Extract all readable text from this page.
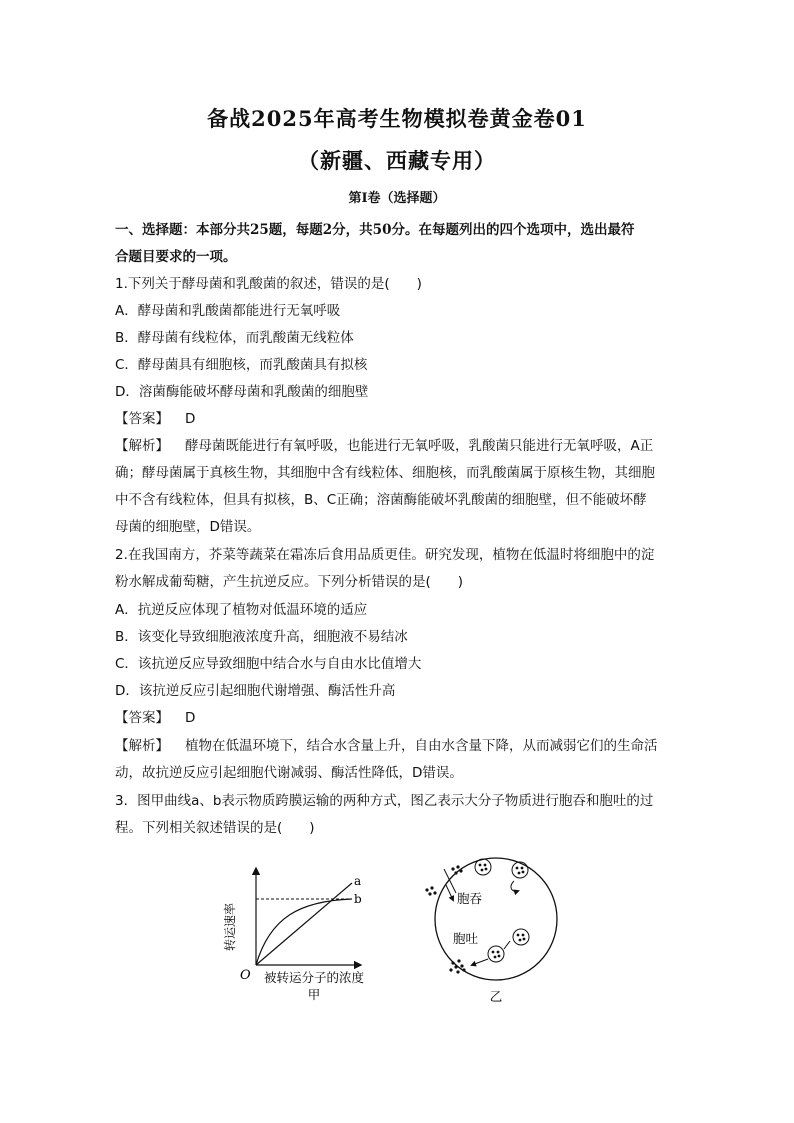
备战2025年高考生物模拟卷黄金卷01
（新疆、西藏专用）
第I卷（选择题）
一、选择题：本部分共25题，每题2分，共50分。在每题列出的四个选项中，选出最符
合题目要求的一项。
1.下列关于酵母菌和乳酸菌的叙述，错误的是(　　)
A．酵母菌和乳酸菌都能进行无氧呼吸
B．酵母菌有线粒体，而乳酸菌无线粒体
C．酵母菌具有细胞核，而乳酸菌具有拟核
D．溶菌酶能破坏酵母菌和乳酸菌的细胞壁
【答案】 D
【解析】 酵母菌既能进行有氧呼吸，也能进行无氧呼吸，乳酸菌只能进行无氧呼吸，A正
确；酵母菌属于真核生物，其细胞中含有线粒体、细胞核，而乳酸菌属于原核生物，其细胞
中不含有线粒体，但具有拟核，B、C正确；溶菌酶能破坏乳酸菌的细胞壁，但不能破坏酵
母菌的细胞壁，D错误。
2.在我国南方，芥菜等蔬菜在霜冻后食用品质更佳。研究发现，植物在低温时将细胞中的淀
粉水解成葡萄糖，产生抗逆反应。下列分析错误的是(　　)
A．抗逆反应体现了植物对低温环境的适应
B．该变化导致细胞液浓度升高，细胞液不易结冰
C．该抗逆反应导致细胞中结合水与自由水比值增大
D．该抗逆反应引起细胞代谢增强、酶活性升高
【答案】 D
【解析】 植物在低温环境下，结合水含量上升，自由水含量下降，从而减弱它们的生命活
动，故抗逆反应引起细胞代谢减弱、酶活性降低，D错误。
3．图甲曲线a、b表示物质跨膜运输的两种方式，图乙表示大分子物质进行胞吞和胞吐的过
程。下列相关叙述错误的是(　　)
转运速率
a
b
O 被转运分子的浓度
甲
胞吞
胞吐
乙
